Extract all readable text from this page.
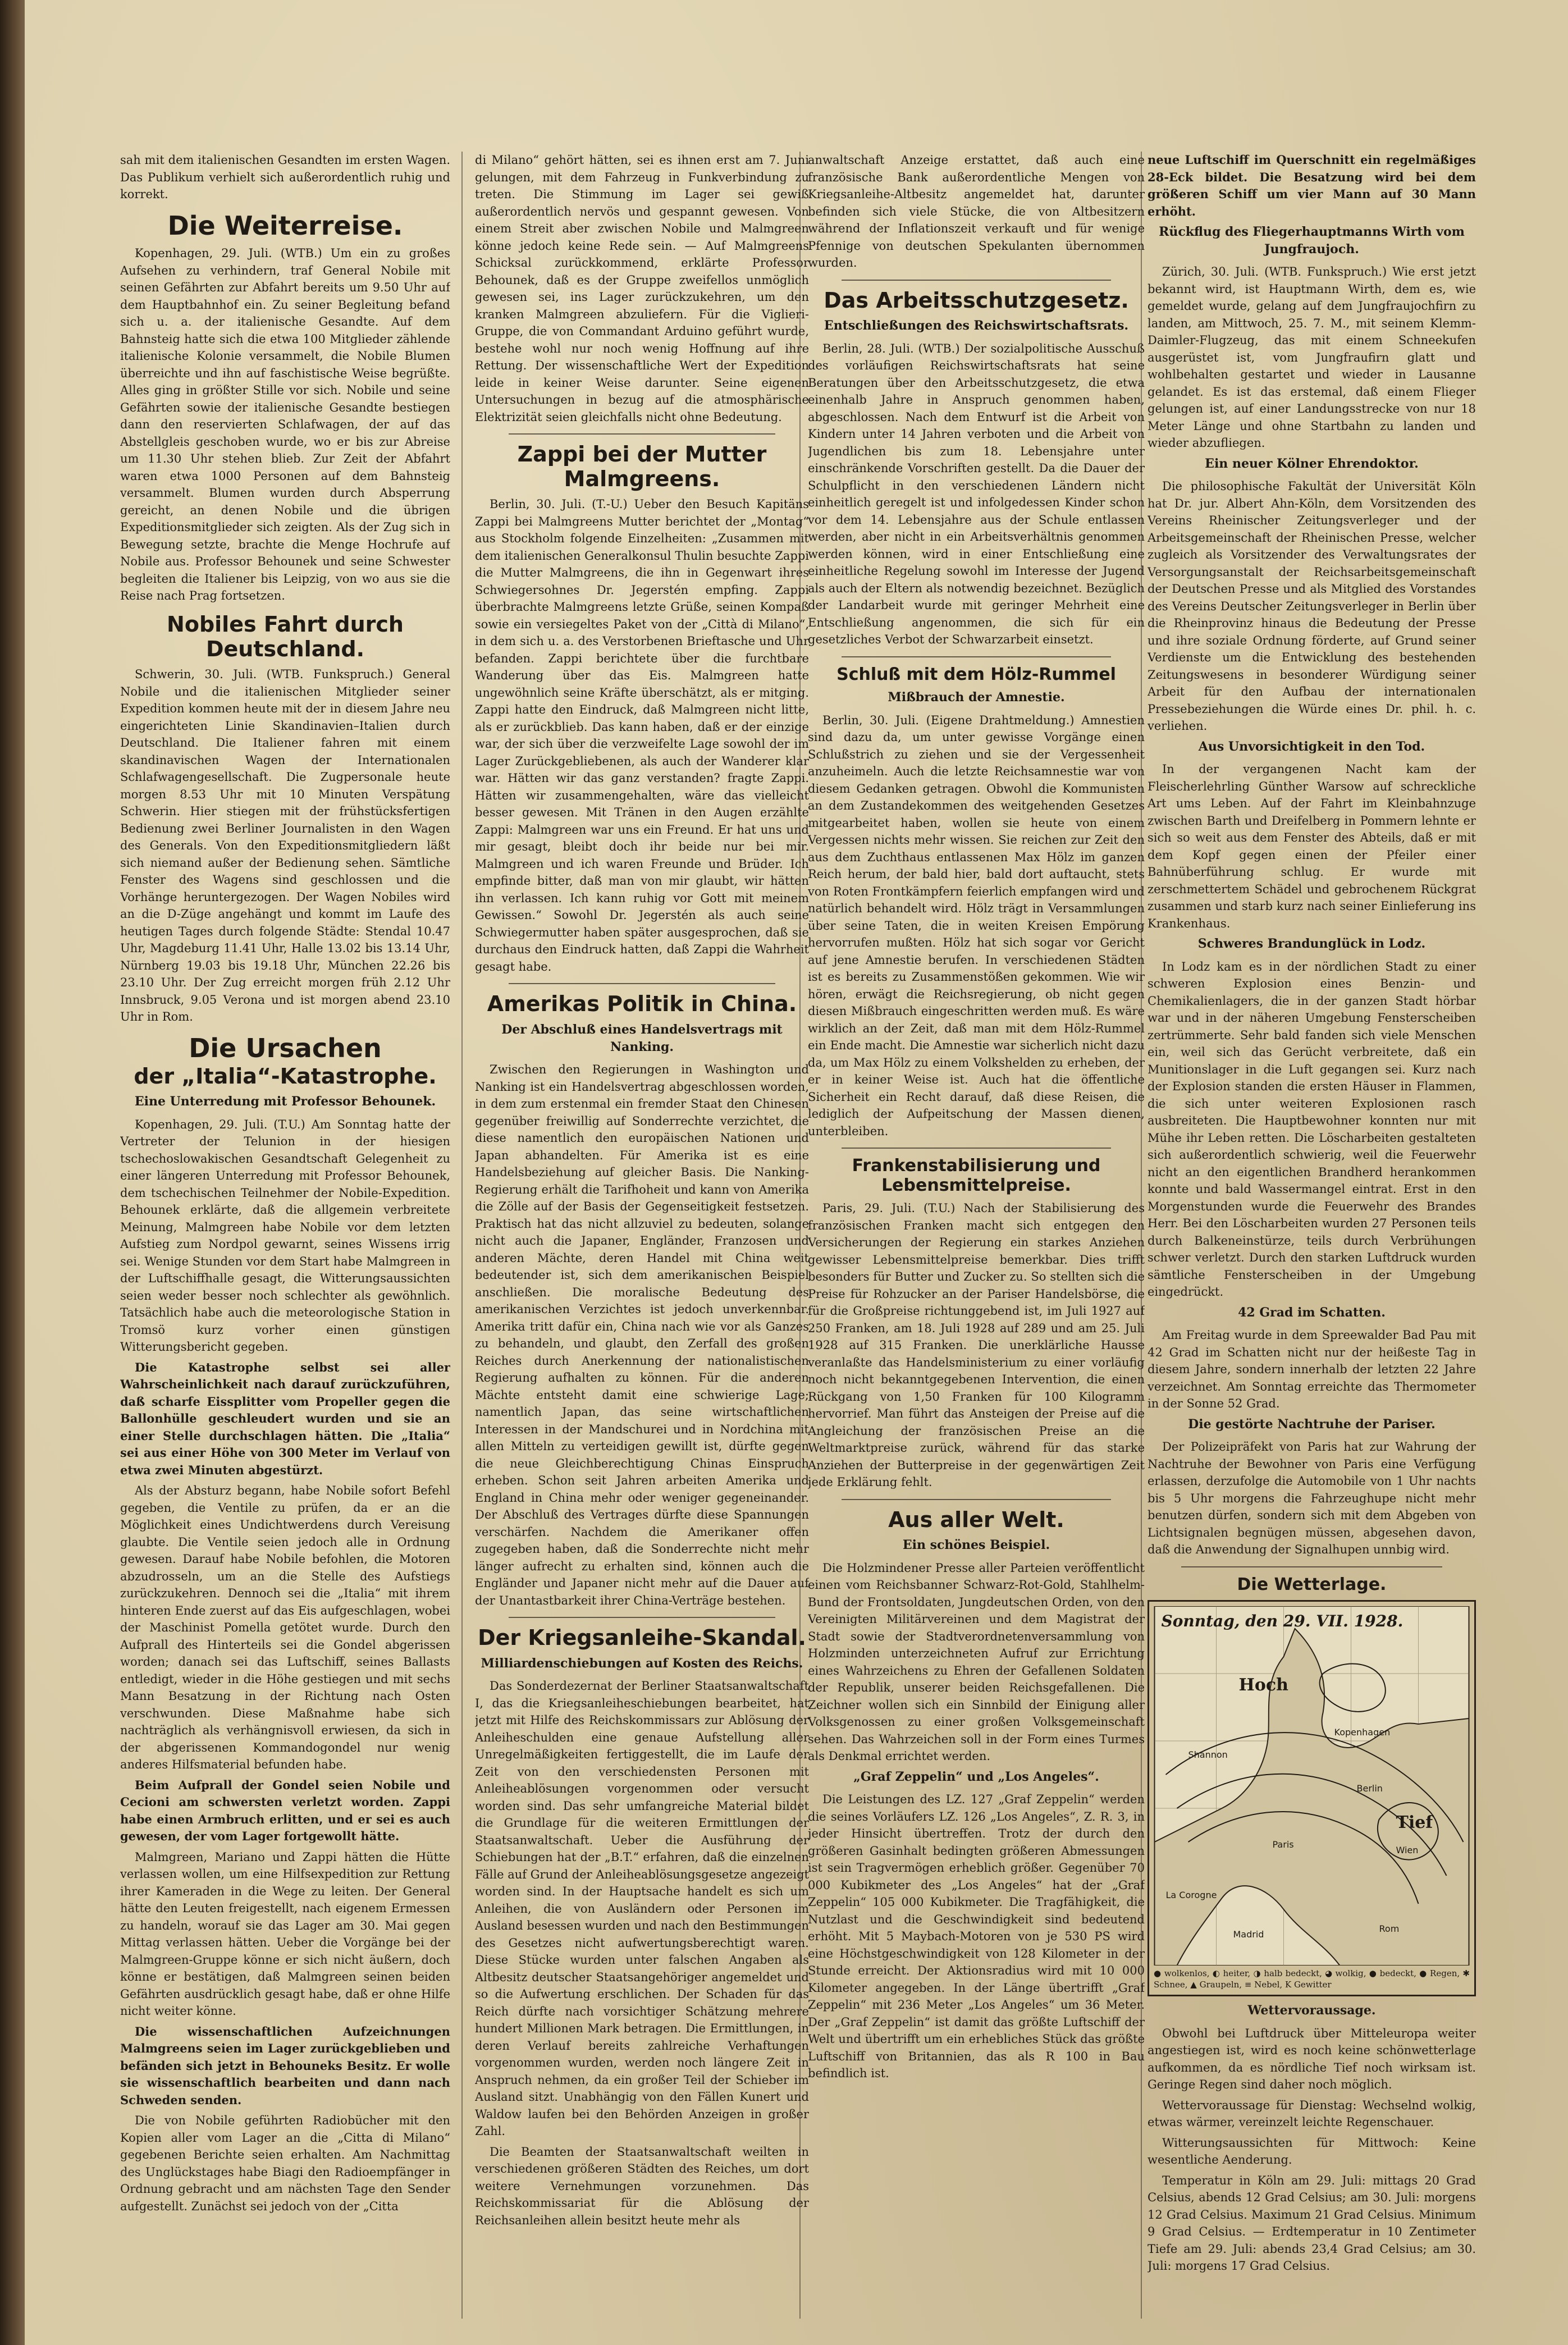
sah mit dem italienischen Gesandten im ersten Wagen. Das Publikum verhielt sich außerordentlich ruhig und korrekt.

Die Weiterreise.

Kopenhagen, 29. Juli. (WTB.) Um ein zu großes Aufsehen zu verhindern, traf General Nobile mit seinen Gefährten zur Abfahrt bereits um 9.50 Uhr auf dem Hauptbahnhof ein. Zu seiner Begleitung befand sich u. a. der italienische Gesandte. Auf dem Bahnsteig hatte sich die etwa 100 Mitglieder zählende italienische Kolonie versammelt, die Nobile Blumen überreichte und ihn auf faschistische Weise begrüßte. Alles ging in größter Stille vor sich. Nobile und seine Gefährten sowie der italienische Gesandte bestiegen dann den reservierten Schlafwagen, der auf das Abstellgleis geschoben wurde, wo er bis zur Abreise um 11.30 Uhr stehen blieb. Zur Zeit der Abfahrt waren etwa 1000 Personen auf dem Bahnsteig versammelt. Blumen wurden durch Absperrung gereicht, an denen Nobile und die übrigen Expeditionsmitglieder sich zeigten. Als der Zug sich in Bewegung setzte, brachte die Menge Hochrufe auf Nobile aus. Professor Behounek und seine Schwester begleiten die Italiener bis Leipzig, von wo aus sie die Reise nach Prag fortsetzen.

Nobiles Fahrt durch Deutschland.

Schwerin, 30. Juli. (WTB. Funkspruch.) General Nobile und die italienischen Mitglieder seiner Expedition kommen heute mit der in diesem Jahre neu eingerichteten Linie Skandinavien–Italien durch Deutschland. Die Italiener fahren mit einem skandinavischen Wagen der Internationalen Schlafwagengesellschaft. Die Zugpersonale heute morgen 8.53 Uhr mit 10 Minuten Verspätung Schwerin. Hier stiegen mit der frühstücksfertigen Bedienung zwei Berliner Journalisten in den Wagen des Generals. Von den Expeditionsmitgliedern läßt sich niemand außer der Bedienung sehen. Sämtliche Fenster des Wagens sind geschlossen und die Vorhänge heruntergezogen. Der Wagen Nobiles wird an die D-Züge angehängt und kommt im Laufe des heutigen Tages durch folgende Städte: Stendal 10.47 Uhr, Magdeburg 11.41 Uhr, Halle 13.02 bis 13.14 Uhr, Nürnberg 19.03 bis 19.18 Uhr, München 22.26 bis 23.10 Uhr. Der Zug erreicht morgen früh 2.12 Uhr Innsbruck, 9.05 Verona und ist morgen abend 23.10 Uhr in Rom.

Die Ursachen
der „Italia“-Katastrophe.
Eine Unterredung mit Professor Behounek.

Kopenhagen, 29. Juli. (T.U.) Am Sonntag hatte der Vertreter der Telunion in der hiesigen tschechoslowakischen Gesandtschaft Gelegenheit zu einer längeren Unterredung mit Professor Behounek, dem tschechischen Teilnehmer der Nobile-Expedition. Behounek erklärte, daß die allgemein verbreitete Meinung, Malmgreen habe Nobile vor dem letzten Aufstieg zum Nordpol gewarnt, seines Wissens irrig sei. Wenige Stunden vor dem Start habe Malmgreen in der Luftschiffhalle gesagt, die Witterungsaussichten seien weder besser noch schlechter als gewöhnlich. Tatsächlich habe auch die meteorologische Station in Tromsö kurz vorher einen günstigen Witterungsbericht gegeben.

Die Katastrophe selbst sei aller Wahrscheinlichkeit nach darauf zurückzuführen, daß scharfe Eissplitter vom Propeller gegen die Ballonhülle geschleudert wurden und sie an einer Stelle durchschlagen hätten. Die „Italia“ sei aus einer Höhe von 300 Meter im Verlauf von etwa zwei Minuten abgestürzt.

Als der Absturz begann, habe Nobile sofort Befehl gegeben, die Ventile zu prüfen, da er an die Möglichkeit eines Undichtwerdens durch Vereisung glaubte. Die Ventile seien jedoch alle in Ordnung gewesen. Darauf habe Nobile befohlen, die Motoren abzudrosseln, um an die Stelle des Aufstiegs zurückzukehren. Dennoch sei die „Italia“ mit ihrem hinteren Ende zuerst auf das Eis aufgeschlagen, wobei der Maschinist Pomella getötet wurde. Durch den Aufprall des Hinterteils sei die Gondel abgerissen worden; danach sei das Luftschiff, seines Ballasts entledigt, wieder in die Höhe gestiegen und mit sechs Mann Besatzung in der Richtung nach Osten verschwunden. Diese Maßnahme habe sich nachträglich als verhängnisvoll erwiesen, da sich in der abgerissenen Kommandogondel nur wenig anderes Hilfsmaterial befunden habe.

Beim Aufprall der Gondel seien Nobile und Cecioni am schwersten verletzt worden. Zappi habe einen Armbruch erlitten, und er sei es auch gewesen, der vom Lager fortgewollt hätte.

Malmgreen, Mariano und Zappi hätten die Hütte verlassen wollen, um eine Hilfsexpedition zur Rettung ihrer Kameraden in die Wege zu leiten. Der General hätte den Leuten freigestellt, nach eigenem Ermessen zu handeln, worauf sie das Lager am 30. Mai gegen Mittag verlassen hätten. Ueber die Vorgänge bei der Malmgreen-Gruppe könne er sich nicht äußern, doch könne er bestätigen, daß Malmgreen seinen beiden Gefährten ausdrücklich gesagt habe, daß er ohne Hilfe nicht weiter könne.

Die wissenschaftlichen Aufzeichnungen Malmgreens seien im Lager zurückgeblieben und befänden sich jetzt in Behouneks Besitz. Er wolle sie wissenschaftlich bearbeiten und dann nach Schweden senden.

Die von Nobile geführten Radiobücher mit den Kopien aller vom Lager an die „Citta di Milano“ gegebenen Berichte seien erhalten. Am Nachmittag des Unglückstages habe Biagi den Radioempfänger in Ordnung gebracht und am nächsten Tage den Sender aufgestellt. Zunächst sei jedoch von der „Citta

di Milano“ gehört hätten, sei es ihnen erst am 7. Juni gelungen, mit dem Fahrzeug in Funkverbindung zu treten. Die Stimmung im Lager sei gewiß außerordentlich nervös und gespannt gewesen. Von einem Streit aber zwischen Nobile und Malmgreen könne jedoch keine Rede sein. — Auf Malmgreens Schicksal zurückkommend, erklärte Professor Behounek, daß es der Gruppe zweifellos unmöglich gewesen sei, ins Lager zurückzukehren, um den kranken Malmgreen abzuliefern. Für die Viglieri-Gruppe, die von Commandant Arduino geführt wurde, bestehe wohl nur noch wenig Hoffnung auf ihre Rettung. Der wissenschaftliche Wert der Expedition leide in keiner Weise darunter. Seine eigenen Untersuchungen in bezug auf die atmosphärische Elektrizität seien gleichfalls nicht ohne Bedeutung.

Zappi bei der Mutter Malmgreens.

Berlin, 30. Juli. (T.-U.) Ueber den Besuch Kapitäns Zappi bei Malmgreens Mutter berichtet der „Montag“ aus Stockholm folgende Einzelheiten: „Zusammen mit dem italienischen Generalkonsul Thulin besuchte Zappi die Mutter Malmgreens, die ihn in Gegenwart ihres Schwiegersohnes Dr. Jegerstén empfing. Zappi überbrachte Malmgreens letzte Grüße, seinen Kompaß sowie ein versiegeltes Paket von der „Città di Milano“, in dem sich u. a. des Verstorbenen Brieftasche und Uhr befanden. Zappi berichtete über die furchtbare Wanderung über das Eis. Malmgreen hatte ungewöhnlich seine Kräfte überschätzt, als er mitging. Zappi hatte den Eindruck, daß Malmgreen nicht litte, als er zurückblieb. Das kann haben, daß er der einzige war, der sich über die verzweifelte Lage sowohl der im Lager Zurückgebliebenen, als auch der Wanderer klar war. Hätten wir das ganz verstanden? fragte Zappi. Hätten wir zusammengehalten, wäre das vielleicht besser gewesen. Mit Tränen in den Augen erzählte Zappi: Malmgreen war uns ein Freund. Er hat uns und mir gesagt, bleibt doch ihr beide nur bei mir. Malmgreen und ich waren Freunde und Brüder. Ich empfinde bitter, daß man von mir glaubt, wir hätten ihn verlassen. Ich kann ruhig vor Gott mit meinem Gewissen.“ Sowohl Dr. Jegerstén als auch seine Schwiegermutter haben später ausgesprochen, daß sie durchaus den Eindruck hatten, daß Zappi die Wahrheit gesagt habe.

Amerikas Politik in China.
Der Abschluß eines Handelsvertrags mit Nanking.

Zwischen den Regierungen in Washington und Nanking ist ein Handelsvertrag abgeschlossen worden, in dem zum erstenmal ein fremder Staat den Chinesen gegenüber freiwillig auf Sonderrechte verzichtet, die diese namentlich den europäischen Nationen und Japan abhandelten. Für Amerika ist es eine Handelsbeziehung auf gleicher Basis. Die Nanking-Regierung erhält die Tarifhoheit und kann von Amerika die Zölle auf der Basis der Gegenseitigkeit festsetzen. Praktisch hat das nicht allzuviel zu bedeuten, solange nicht auch die Japaner, Engländer, Franzosen und anderen Mächte, deren Handel mit China weit bedeutender ist, sich dem amerikanischen Beispiel anschließen. Die moralische Bedeutung des amerikanischen Verzichtes ist jedoch unverkennbar. Amerika tritt dafür ein, China nach wie vor als Ganzes zu behandeln, und glaubt, den Zerfall des großen Reiches durch Anerkennung der nationalistischen Regierung aufhalten zu können. Für die anderen Mächte entsteht damit eine schwierige Lage; namentlich Japan, das seine wirtschaftlichen Interessen in der Mandschurei und in Nordchina mit allen Mitteln zu verteidigen gewillt ist, dürfte gegen die neue Gleichberechtigung Chinas Einspruch erheben. Schon seit Jahren arbeiten Amerika und England in China mehr oder weniger gegeneinander. Der Abschluß des Vertrages dürfte diese Spannungen verschärfen. Nachdem die Amerikaner offen zugegeben haben, daß die Sonderrechte nicht mehr länger aufrecht zu erhalten sind, können auch die Engländer und Japaner nicht mehr auf die Dauer auf der Unantastbarkeit ihrer China-Verträge bestehen.

Der Kriegsanleihe-Skandal.
Milliardenschiebungen auf Kosten des Reichs.

Das Sonderdezernat der Berliner Staatsanwaltschaft I, das die Kriegsanleiheschiebungen bearbeitet, hat jetzt mit Hilfe des Reichskommissars zur Ablösung der Anleiheschulden eine genaue Aufstellung aller Unregelmäßigkeiten fertiggestellt, die im Laufe der Zeit von den verschiedensten Personen mit Anleiheablösungen vorgenommen oder versucht worden sind. Das sehr umfangreiche Material bildet die Grundlage für die weiteren Ermittlungen der Staatsanwaltschaft. Ueber die Ausführung der Schiebungen hat der „B.T.“ erfahren, daß die einzelnen Fälle auf Grund der Anleiheablösungsgesetze angezeigt worden sind. In der Hauptsache handelt es sich um Anleihen, die von Ausländern oder Personen im Ausland besessen wurden und nach den Bestimmungen des Gesetzes nicht aufwertungsberechtigt waren. Diese Stücke wurden unter falschen Angaben als Altbesitz deutscher Staatsangehöriger angemeldet und so die Aufwertung erschlichen. Der Schaden für das Reich dürfte nach vorsichtiger Schätzung mehrere hundert Millionen Mark betragen. Die Ermittlungen, in deren Verlauf bereits zahlreiche Verhaftungen vorgenommen wurden, werden noch längere Zeit in Anspruch nehmen, da ein großer Teil der Schieber im Ausland sitzt. Unabhängig von den Fällen Kunert und Waldow laufen bei den Behörden Anzeigen in großer Zahl.

Die Beamten der Staatsanwaltschaft weilten in verschiedenen größeren Städten des Reiches, um dort weitere Vernehmungen vorzunehmen. Das Reichskommissariat für die Ablösung der Reichsanleihen allein besitzt heute mehr als

anwaltschaft Anzeige erstattet, daß auch eine französische Bank außerordentliche Mengen von Kriegsanleihe-Altbesitz angemeldet hat, darunter befinden sich viele Stücke, die von Altbesitzern während der Inflationszeit verkauft und für wenige Pfennige von deutschen Spekulanten übernommen wurden.

Das Arbeitsschutzgesetz.
Entschließungen des Reichswirtschaftsrats.

Berlin, 28. Juli. (WTB.) Der sozialpolitische Ausschuß des vorläufigen Reichswirtschaftsrats hat seine Beratungen über den Arbeitsschutzgesetz, die etwa einenhalb Jahre in Anspruch genommen haben, abgeschlossen. Nach dem Entwurf ist die Arbeit von Kindern unter 14 Jahren verboten und die Arbeit von Jugendlichen bis zum 18. Lebensjahre unter einschränkende Vorschriften gestellt. Da die Dauer der Schulpflicht in den verschiedenen Ländern nicht einheitlich geregelt ist und infolgedessen Kinder schon vor dem 14. Lebensjahre aus der Schule entlassen werden, aber nicht in ein Arbeitsverhältnis genommen werden können, wird in einer Entschließung eine einheitliche Regelung sowohl im Interesse der Jugend als auch der Eltern als notwendig bezeichnet. Bezüglich der Landarbeit wurde mit geringer Mehrheit eine Entschließung angenommen, die sich für ein gesetzliches Verbot der Schwarzarbeit einsetzt.

Schluß mit dem Hölz-Rummel
Mißbrauch der Amnestie.

Berlin, 30. Juli. (Eigene Drahtmeldung.) Amnestien sind dazu da, um unter gewisse Vorgänge einen Schlußstrich zu ziehen und sie der Vergessenheit anzuheimeln. Auch die letzte Reichsamnestie war von diesem Gedanken getragen. Obwohl die Kommunisten an dem Zustandekommen des weitgehenden Gesetzes mitgearbeitet haben, wollen sie heute von einem Vergessen nichts mehr wissen. Sie reichen zur Zeit den aus dem Zuchthaus entlassenen Max Hölz im ganzen Reich herum, der bald hier, bald dort auftaucht, stets von Roten Frontkämpfern feierlich empfangen wird und natürlich behandelt wird. Hölz trägt in Versammlungen über seine Taten, die in weiten Kreisen Empörung hervorrufen mußten. Hölz hat sich sogar vor Gericht auf jene Amnestie berufen. In verschiedenen Städten ist es bereits zu Zusammenstößen gekommen. Wie wir hören, erwägt die Reichsregierung, ob nicht gegen diesen Mißbrauch eingeschritten werden muß. Es wäre wirklich an der Zeit, daß man mit dem Hölz-Rummel ein Ende macht. Die Amnestie war sicherlich nicht dazu da, um Max Hölz zu einem Volkshelden zu erheben, der er in keiner Weise ist. Auch hat die öffentliche Sicherheit ein Recht darauf, daß diese Reisen, die lediglich der Aufpeitschung der Massen dienen, unterbleiben.

Frankenstabilisierung und Lebensmittelpreise.

Paris, 29. Juli. (T.U.) Nach der Stabilisierung des französischen Franken macht sich entgegen den Versicherungen der Regierung ein starkes Anziehen gewisser Lebensmittelpreise bemerkbar. Dies trifft besonders für Butter und Zucker zu. So stellten sich die Preise für Rohzucker an der Pariser Handelsbörse, die für die Großpreise richtunggebend ist, im Juli 1927 auf 250 Franken, am 18. Juli 1928 auf 289 und am 25. Juli 1928 auf 315 Franken. Die unerklärliche Hausse veranlaßte das Handelsministerium zu einer vorläufig noch nicht bekanntgegebenen Intervention, die einen Rückgang von 1,50 Franken für 100 Kilogramm hervorrief. Man führt das Ansteigen der Preise auf die Angleichung der französischen Preise an die Weltmarktpreise zurück, während für das starke Anziehen der Butterpreise in der gegenwärtigen Zeit jede Erklärung fehlt.

Aus aller Welt.
Ein schönes Beispiel.

Die Holzmindener Presse aller Parteien veröffentlicht einen vom Reichsbanner Schwarz-Rot-Gold, Stahlhelm-Bund der Frontsoldaten, Jungdeutschen Orden, von den Vereinigten Militärvereinen und dem Magistrat der Stadt sowie der Stadtverordnetenversammlung von Holzminden unterzeichneten Aufruf zur Errichtung eines Wahrzeichens zu Ehren der Gefallenen Soldaten der Republik, unserer beiden Reichsgefallenen. Die Zeichner wollen sich ein Sinnbild der Einigung aller Volksgenossen zu einer großen Volksgemeinschaft sehen. Das Wahrzeichen soll in der Form eines Turmes als Denkmal errichtet werden.

„Graf Zeppelin“ und „Los Angeles“.

Die Leistungen des LZ. 127 „Graf Zeppelin“ werden die seines Vorläufers LZ. 126 „Los Angeles“, Z. R. 3, in jeder Hinsicht übertreffen. Trotz der durch den größeren Gasinhalt bedingten größeren Abmessungen ist sein Tragvermögen erheblich größer. Gegenüber 70 000 Kubikmeter des „Los Angeles“ hat der „Graf Zeppelin“ 105 000 Kubikmeter. Die Tragfähigkeit, die Nutzlast und die Geschwindigkeit sind bedeutend erhöht. Mit 5 Maybach-Motoren von je 530 PS wird eine Höchstgeschwindigkeit von 128 Kilometer in der Stunde erreicht. Der Aktionsradius wird mit 10 000 Kilometer angegeben. In der Länge übertrifft „Graf Zeppelin“ mit 236 Meter „Los Angeles“ um 36 Meter. Der „Graf Zeppelin“ ist damit das größte Luftschiff der Welt und übertrifft um ein erhebliches Stück das größte Luftschiff von Britannien, das als R 100 in Bau befindlich ist.

neue Luftschiff im Querschnitt ein regelmäßiges 28-Eck bildet. Die Besatzung wird bei dem größeren Schiff um vier Mann auf 30 Mann erhöht.

Rückflug des Fliegerhauptmanns Wirth vom Jungfraujoch.

Zürich, 30. Juli. (WTB. Funkspruch.) Wie erst jetzt bekannt wird, ist Hauptmann Wirth, dem es, wie gemeldet wurde, gelang auf dem Jungfraujochfirn zu landen, am Mittwoch, 25. 7. M., mit seinem Klemm-Daimler-Flugzeug, das mit einem Schneekufen ausgerüstet ist, vom Jungfraufirn glatt und wohlbehalten gestartet und wieder in Lausanne gelandet. Es ist das erstemal, daß einem Flieger gelungen ist, auf einer Landungsstrecke von nur 18 Meter Länge und ohne Startbahn zu landen und wieder abzufliegen.

Ein neuer Kölner Ehrendoktor.

Die philosophische Fakultät der Universität Köln hat Dr. jur. Albert Ahn-Köln, dem Vorsitzenden des Vereins Rheinischer Zeitungsverleger und der Arbeitsgemeinschaft der Rheinischen Presse, welcher zugleich als Vorsitzender des Verwaltungsrates der Versorgungsanstalt der Reichsarbeitsgemeinschaft der Deutschen Presse und als Mitglied des Vorstandes des Vereins Deutscher Zeitungsverleger in Berlin über die Rheinprovinz hinaus die Bedeutung der Presse und ihre soziale Ordnung förderte, auf Grund seiner Verdienste um die Entwicklung des bestehenden Zeitungswesens in besonderer Würdigung seiner Arbeit für den Aufbau der internationalen Pressebeziehungen die Würde eines Dr. phil. h. c. verliehen.

Aus Unvorsichtigkeit in den Tod.

In der vergangenen Nacht kam der Fleischerlehrling Günther Warsow auf schreckliche Art ums Leben. Auf der Fahrt im Kleinbahnzuge zwischen Barth und Dreifelberg in Pommern lehnte er sich so weit aus dem Fenster des Abteils, daß er mit dem Kopf gegen einen der Pfeiler einer Bahnüberführung schlug. Er wurde mit zerschmettertem Schädel und gebrochenem Rückgrat zusammen und starb kurz nach seiner Einlieferung ins Krankenhaus.

Schweres Brandunglück in Lodz.

In Lodz kam es in der nördlichen Stadt zu einer schweren Explosion eines Benzin- und Chemikalienlagers, die in der ganzen Stadt hörbar war und in der näheren Umgebung Fensterscheiben zertrümmerte. Sehr bald fanden sich viele Menschen ein, weil sich das Gerücht verbreitete, daß ein Munitionslager in die Luft gegangen sei. Kurz nach der Explosion standen die ersten Häuser in Flammen, die sich unter weiteren Explosionen rasch ausbreiteten. Die Hauptbewohner konnten nur mit Mühe ihr Leben retten. Die Löscharbeiten gestalteten sich außerordentlich schwierig, weil die Feuerwehr nicht an den eigentlichen Brandherd herankommen konnte und bald Wassermangel eintrat. Erst in den Morgenstunden wurde die Feuerwehr des Brandes Herr. Bei den Löscharbeiten wurden 27 Personen teils durch Balkeneinstürze, teils durch Verbrühungen schwer verletzt. Durch den starken Luftdruck wurden sämtliche Fensterscheiben in der Umgebung eingedrückt.

42 Grad im Schatten.

Am Freitag wurde in dem Spreewalder Bad Pau mit 42 Grad im Schatten nicht nur der heißeste Tag in diesem Jahre, sondern innerhalb der letzten 22 Jahre verzeichnet. Am Sonntag erreichte das Thermometer in der Sonne 52 Grad.

Die gestörte Nachtruhe der Pariser.

Der Polizeipräfekt von Paris hat zur Wahrung der Nachtruhe der Bewohner von Paris eine Verfügung erlassen, derzufolge die Automobile von 1 Uhr nachts bis 5 Uhr morgens die Fahrzeughupe nicht mehr benutzen dürfen, sondern sich mit dem Abgeben von Lichtsignalen begnügen müssen, abgesehen davon, daß die Anwendung der Signalhupen unnbig wird.

Die Wetterlage.
Sonntag, den 29. VII. 1928.
Shannon
Kopenhagen
Berlin
Paris
Wien
Rom
Madrid
La Corogne
Hoch
Tief
● wolkenlos, ◐ heiter, ◑ halb bedeckt, ◕ wolkig, ● bedeckt, ● Regen, ✱ Schnee, ▲ Graupeln, ≡ Nebel, K Gewitter
Wettervoraussage.

Obwohl bei Luftdruck über Mitteleuropa weiter angestiegen ist, wird es noch keine schönwetterlage aufkommen, da es nördliche Tief noch wirksam ist. Geringe Regen sind daher noch möglich.

Wettervoraussage für Dienstag: Wechselnd wolkig, etwas wärmer, vereinzelt leichte Regenschauer.

Witterungsaussichten für Mittwoch: Keine wesentliche Aenderung.

Temperatur in Köln am 29. Juli: mittags 20 Grad Celsius, abends 12 Grad Celsius; am 30. Juli: morgens 12 Grad Celsius. Maximum 21 Grad Celsius. Minimum 9 Grad Celsius. — Erdtemperatur in 10 Zentimeter Tiefe am 29. Juli: abends 23,4 Grad Celsius; am 30. Juli: morgens 17 Grad Celsius.
